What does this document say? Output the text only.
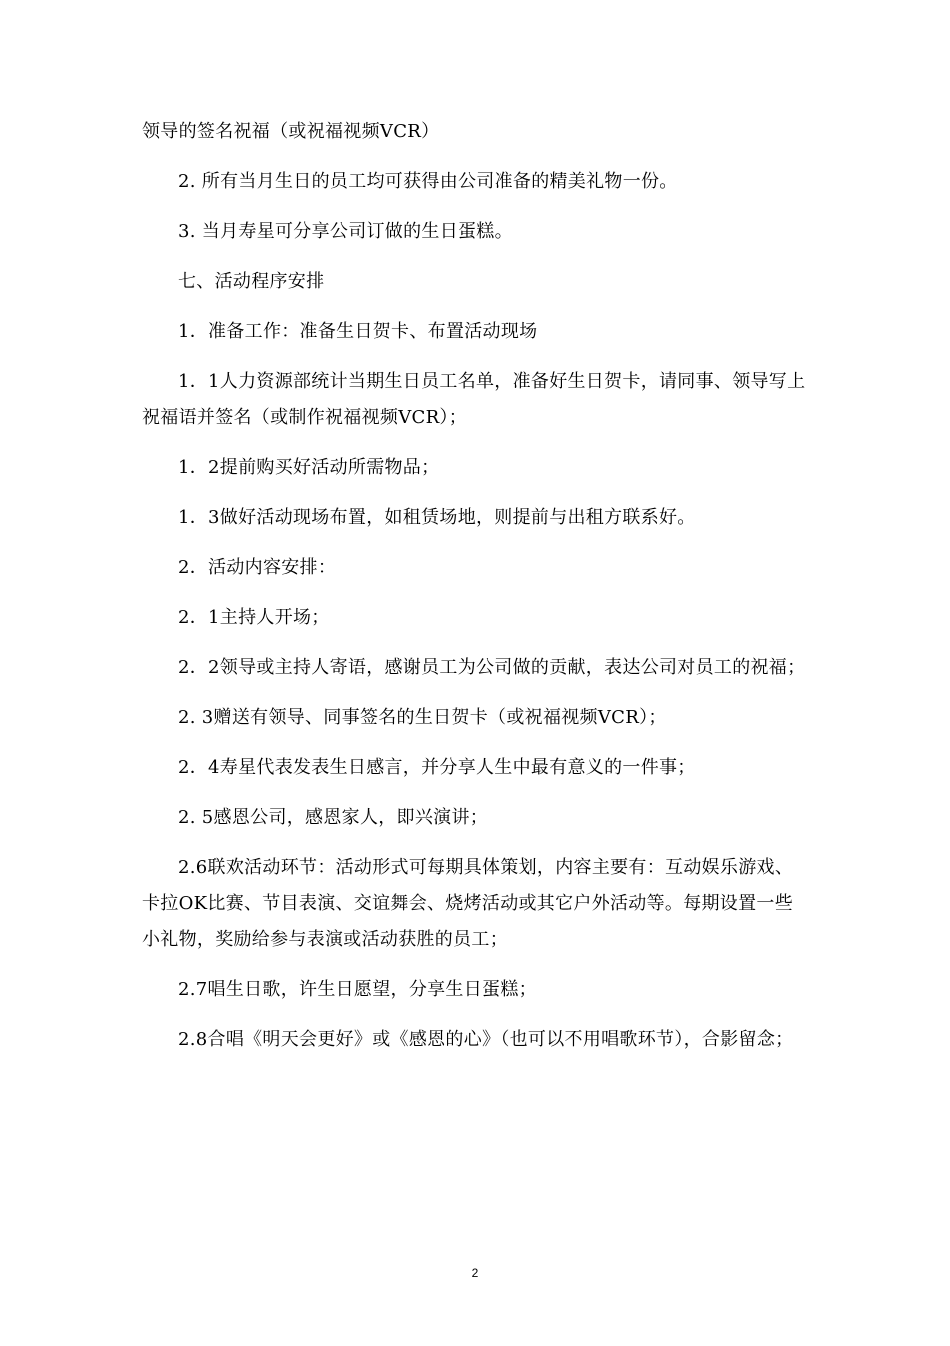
领导的签名祝福（或祝福视频VCR）

2. 所有当月生日的员工均可获得由公司准备的精美礼物一份。

3. 当月寿星可分享公司订做的生日蛋糕。

七、活动程序安排

1．准备工作：准备生日贺卡、布置活动现场

1．1人力资源部统计当期生日员工名单，准备好生日贺卡，请同事、领导写上祝福语并签名（或制作祝福视频VCR）；

1．2提前购买好活动所需物品；

1．3做好活动现场布置，如租赁场地，则提前与出租方联系好。

2．活动内容安排：

2．1主持人开场；

2．2领导或主持人寄语，感谢员工为公司做的贡献，表达公司对员工的祝福；

2. 3赠送有领导、同事签名的生日贺卡（或祝福视频VCR）；

2．4寿星代表发表生日感言，并分享人生中最有意义的一件事；

2. 5感恩公司，感恩家人，即兴演讲；

2.6联欢活动环节：活动形式可每期具体策划，内容主要有：互动娱乐游戏、卡拉OK比赛、节目表演、交谊舞会、烧烤活动或其它户外活动等。每期设置一些小礼物，奖励给参与表演或活动获胜的员工；

2.7唱生日歌，许生日愿望，分享生日蛋糕；

2.8合唱《明天会更好》或《感恩的心》（也可以不用唱歌环节），合影留念；

2
